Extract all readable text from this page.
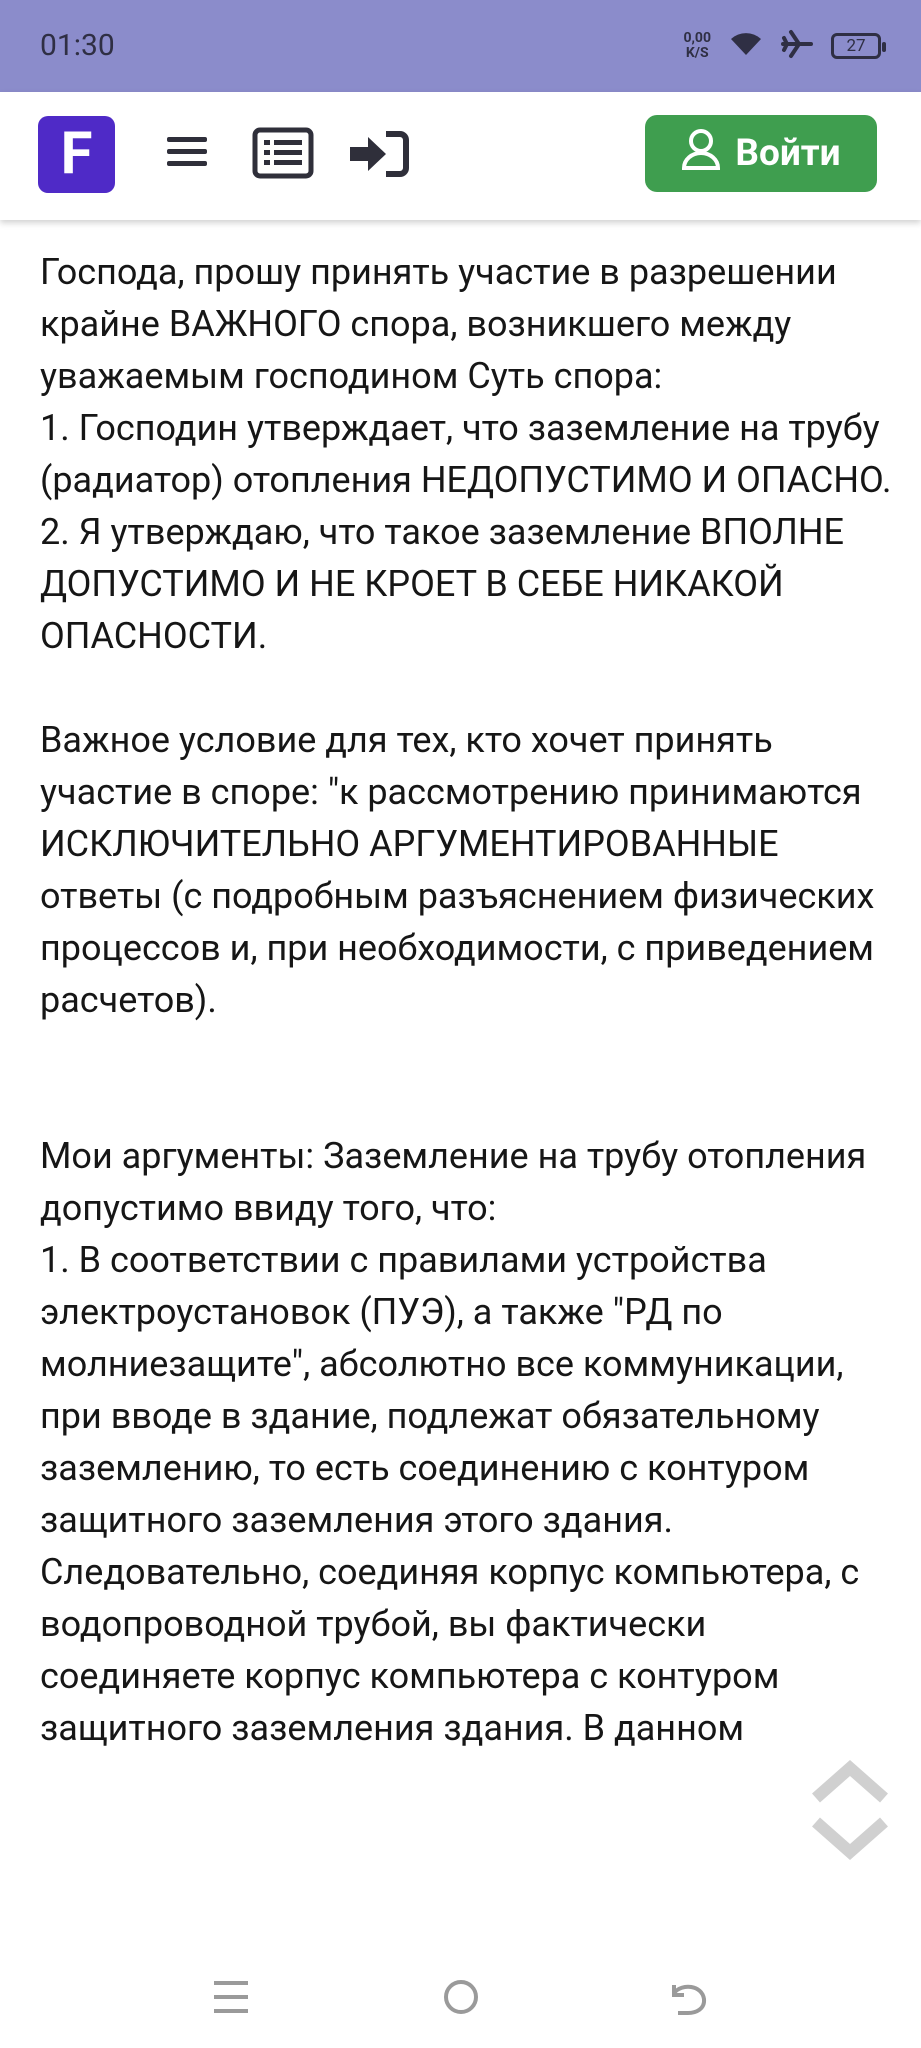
01:30	0,00
K/S	27
F	Войти

Господа, прошу принять участие в разрешении крайне ВАЖНОГО спора, возникшего между уважаемым господином Суть спора:
1. Господин утверждает, что заземление на трубу (радиатор) отопления НЕДОПУСТИМО И ОПАСНО.
2. Я утверждаю, что такое заземление ВПОЛНЕ ДОПУСТИМО И НЕ КРОЕТ В СЕБЕ НИКАКОЙ ОПАСНОСТИ.

Важное условие для тех, кто хочет принять участие в споре: "к рассмотрению принимаются ИСКЛЮЧИТЕЛЬНО АРГУМЕНТИРОВАННЫЕ ответы (с подробным разъяснением физических процессов и, при необходимости, с приведением расчетов).

Мои аргументы: Заземление на трубу отопления допустимо ввиду того, что:
1. В соответствии с правилами устройства электроустановок (ПУЭ), а также "РД по молниезащите", абсолютно все коммуникации, при вводе в здание, подлежат обязательному заземлению, то есть соединению с контуром защитного заземления этого здания. Следовательно, соединяя корпус компьютера, с водопроводной трубой, вы фактически соединяете корпус компьютера с контуром защитного заземления здания. В данном
